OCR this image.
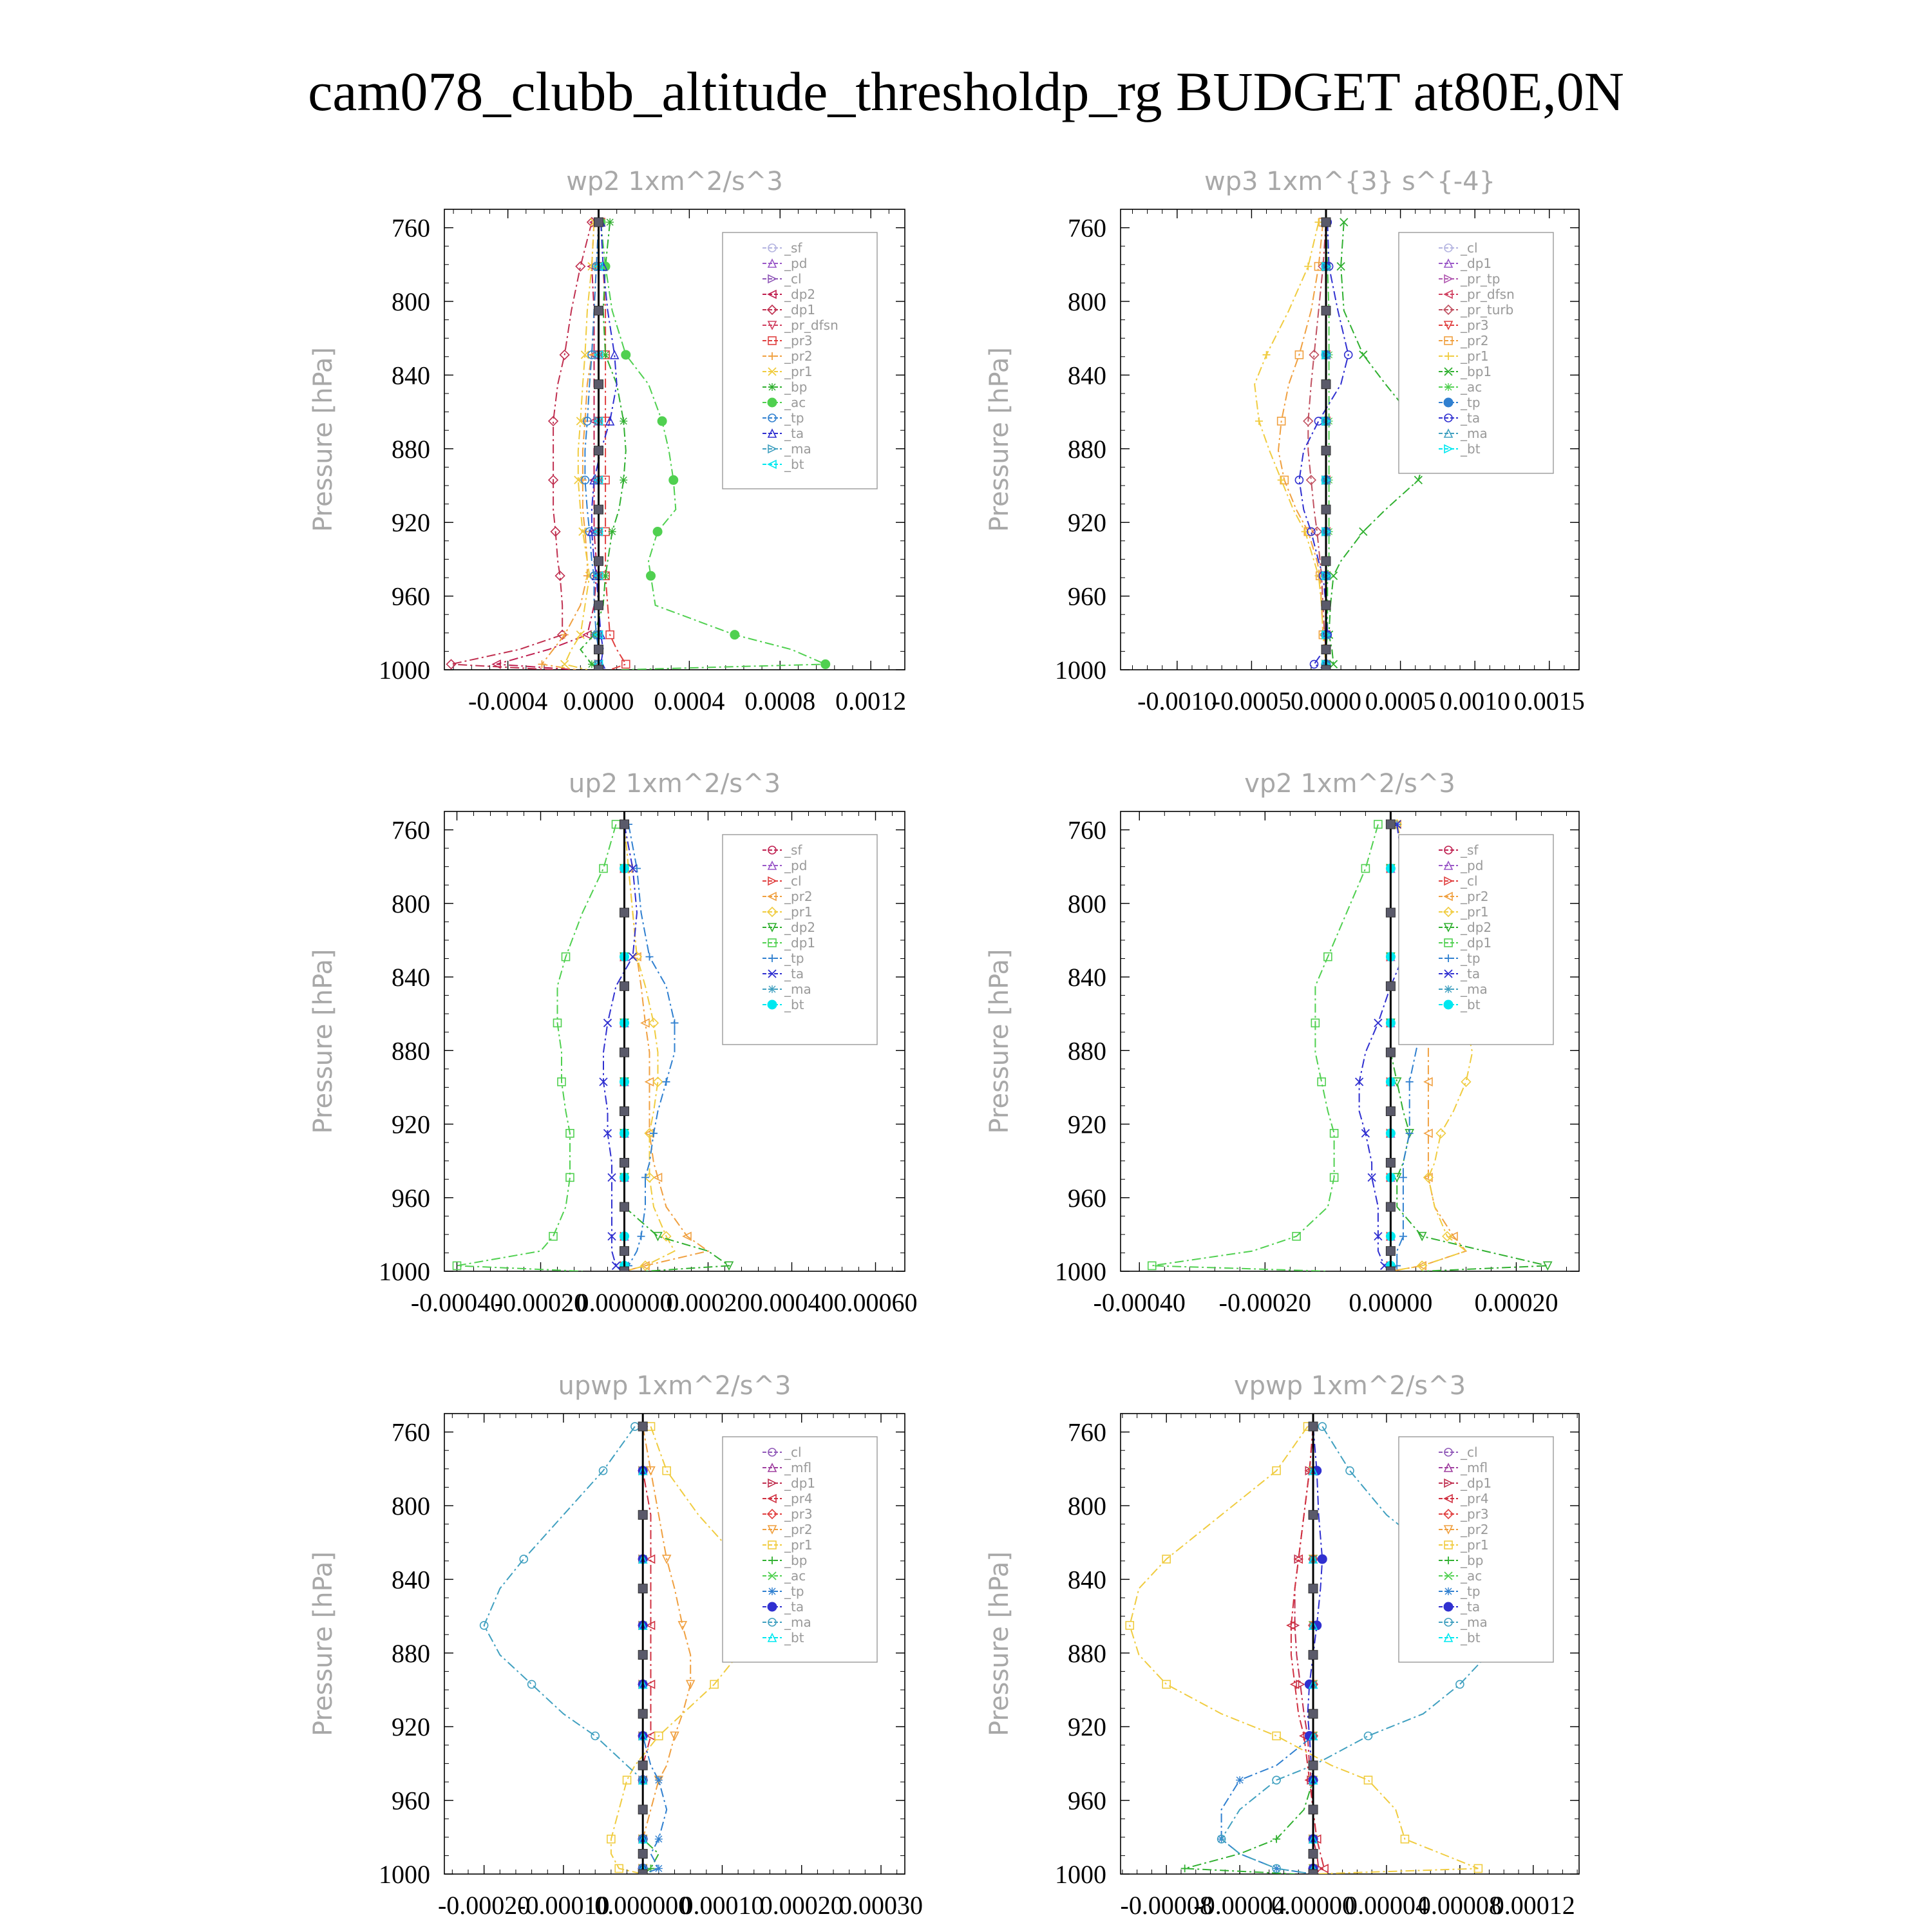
cam078_clubb_altitude_thresholdp_rg BUDGET at80E,0N
wp2 1xm^2/s^3
Pressure [hPa]
760
800
840
880
920
960
1000
-0.0004 0.0000 0.0004 0.0008 0.0012
_sf
_pd
_cl
_dp2
_dp1
_pr_dfsn
_pr3
_pr2
_pr1
_bp
_ac
_tp
_ta
_ma
_bt
wp3 1xm^{3} s^{-4}
Pressure [hPa]
760
800
840
880
920
960
1000
-0.0010
-0.0005
0.0000 0.0005 0.0010 0.0015
_cl
_dp1
_pr_tp
_pr_dfsn
_pr_turb
_pr3
_pr2
_pr1
_bp1
_ac
_tp
_ta
_ma
_bt
up2 1xm^2/s^3
Pressure [hPa]
760
800
840
880
920
960
1000
-0.00040
-0.00020
0.000000
0.00020 0.00040 0.00060
_sf
_pd
_cl
_pr2
_pr1
_dp2
_dp1
_tp
_ta
_ma
_bt
vp2 1xm^2/s^3
Pressure [hPa]
760
800
840
880
920
960
1000
-0.00040 -0.00020 0.00000 0.00020
_sf
_pd
_cl
_pr2
_pr1
_dp2
_dp1
_tp
_ta
_ma
_bt
upwp 1xm^2/s^3
Pressure [hPa]
760
800
840
880
920
960
1000
-0.00020
-0.00010
0.000000
0.00010
0.00020
0.00030
_cl
_mfl
_dp1
_pr4
_pr3
_pr2
_pr1
_bp
_ac
_tp
_ta
_ma
_bt
vpwp 1xm^2/s^3
Pressure [hPa]
760
800
840
880
920
960
1000
-0.00008
-0.00004
0.00000
0.00004
0.00008
0.00012
_cl
_mfl
_dp1
_pr4
_pr3
_pr2
_pr1
_bp
_ac
_tp
_ta
_ma
_bt
